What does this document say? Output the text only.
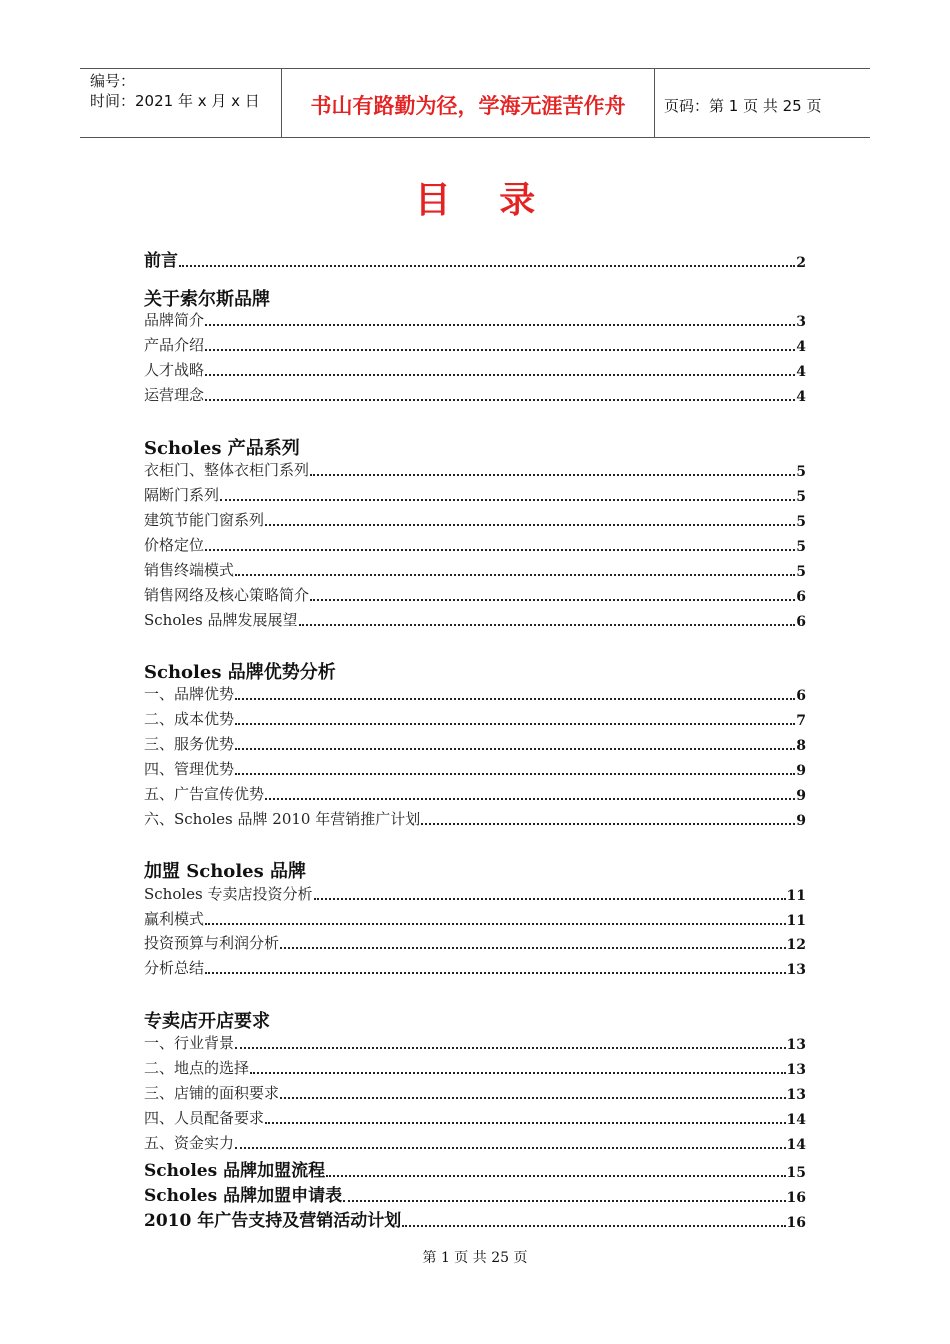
编号：
时间：2021 年 x 月 x 日	书山有路勤为径，学海无涯苦作舟	页码：第 1 页 共 25 页
目 录
前言	2
关于索尔斯品牌
品牌简介	3
产品介绍	4
人才战略	4
运营理念	4
Scholes 产品系列
衣柜门、整体衣柜门系列	5
隔断门系列	5
建筑节能门窗系列	5
价格定位	5
销售终端模式	5
销售网络及核心策略简介	6
Scholes 品牌发展展望	6
Scholes 品牌优势分析
一、品牌优势	6
二、成本优势	7
三、服务优势	8
四、管理优势	9
五、广告宣传优势	9
六、Scholes 品牌 2010 年营销推广计划	9
加盟 Scholes 品牌
Scholes 专卖店投资分析	11
赢利模式	11
投资预算与利润分析	12
分析总结	13
专卖店开店要求
一、行业背景	13
二、地点的选择	13
三、店铺的面积要求	13
四、人员配备要求	14
五、资金实力	14
Scholes 品牌加盟流程	15
Scholes 品牌加盟申请表	16
2010 年广告支持及营销活动计划	16
第 1 页 共 25 页
